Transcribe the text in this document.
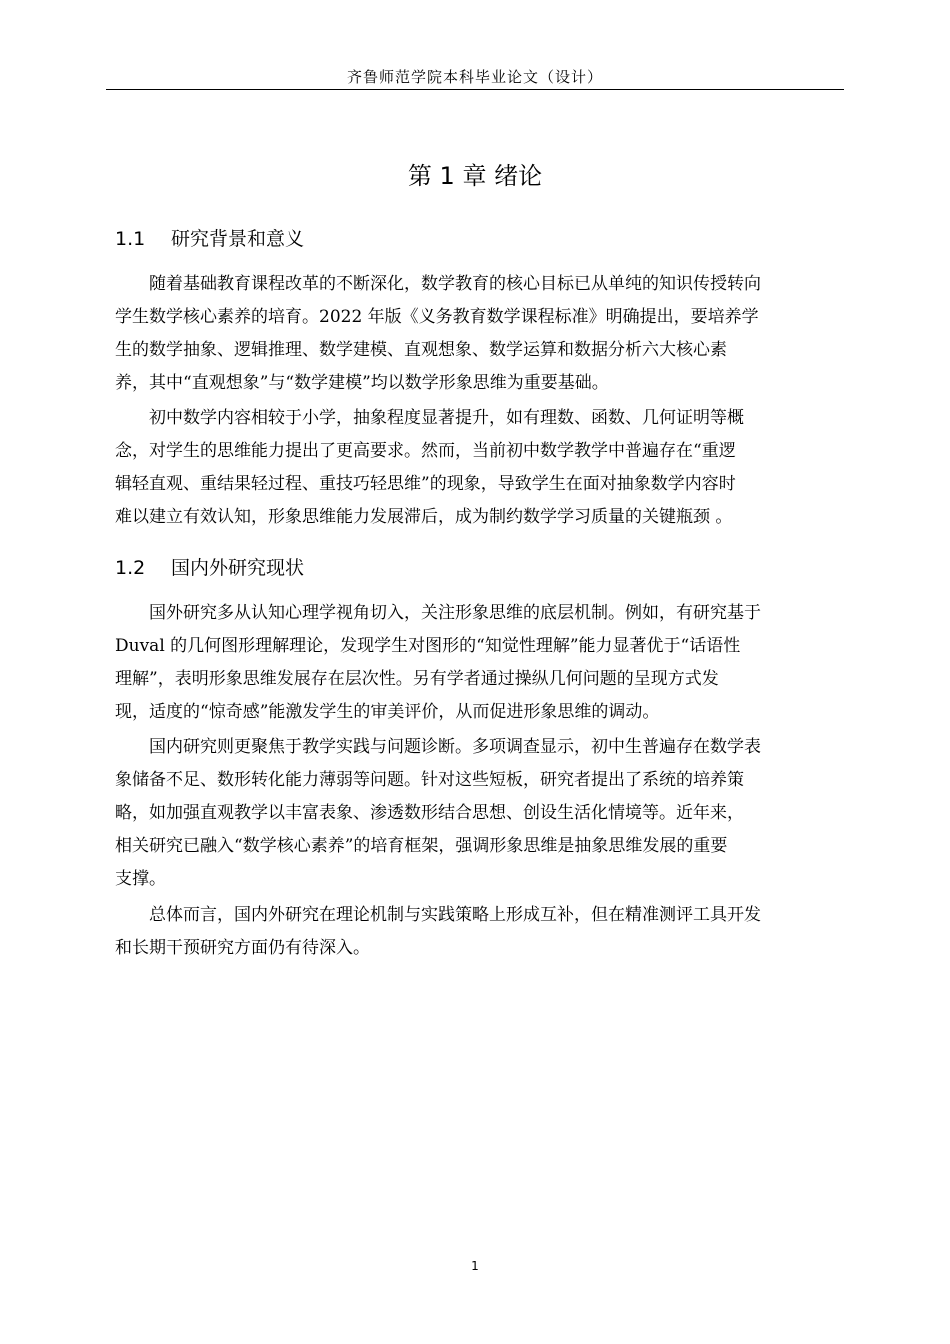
齐鲁师范学院本科毕业论文（设计）
第 1 章 绪论
1.1 研究背景和意义
随着基础教育课程改革的不断深化，数学教育的核心目标已从单纯的知识传授转向
学生数学核心素养的培育。2022 年版《义务教育数学课程标准》明确提出，要培养学
生的数学抽象、逻辑推理、数学建模、直观想象、数学运算和数据分析六大核心素
养，其中“直观想象”与“数学建模”均以数学形象思维为重要基础。
初中数学内容相较于小学，抽象程度显著提升，如有理数、函数、几何证明等概
念，对学生的思维能力提出了更高要求。然而，当前初中数学教学中普遍存在“重逻
辑轻直观、重结果轻过程、重技巧轻思维”的现象，导致学生在面对抽象数学内容时
难以建立有效认知，形象思维能力发展滞后，成为制约数学学习质量的关键瓶颈 。
1.2 国内外研究现状
国外研究多从认知心理学视角切入，关注形象思维的底层机制。例如，有研究基于
Duval 的几何图形理解理论，发现学生对图形的“知觉性理解”能力显著优于“话语性
理解”，表明形象思维发展存在层次性。另有学者通过操纵几何问题的呈现方式发
现，适度的“惊奇感”能激发学生的审美评价，从而促进形象思维的调动。
国内研究则更聚焦于教学实践与问题诊断。多项调查显示，初中生普遍存在数学表
象储备不足、数形转化能力薄弱等问题。针对这些短板，研究者提出了系统的培养策
略，如加强直观教学以丰富表象、渗透数形结合思想、创设生活化情境等。近年来，
相关研究已融入“数学核心素养”的培育框架，强调形象思维是抽象思维发展的重要
支撑。
总体而言，国内外研究在理论机制与实践策略上形成互补，但在精准测评工具开发
和长期干预研究方面仍有待深入。
1
